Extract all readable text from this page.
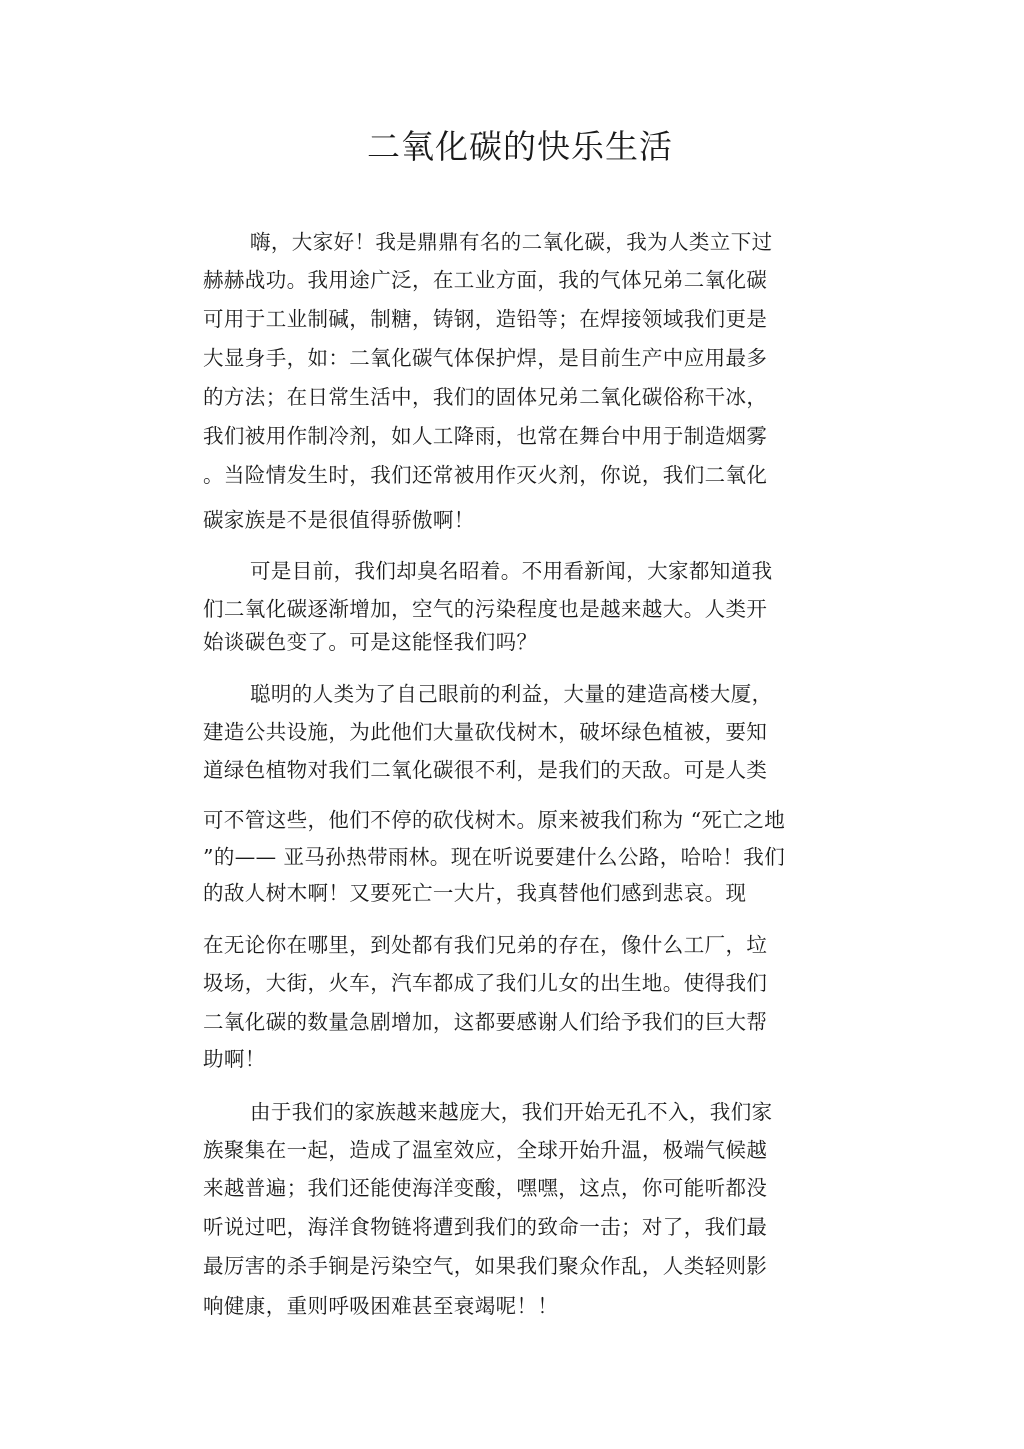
二氧化碳的快乐生活

嗨，大家好！我是鼎鼎有名的二氧化碳，我为人类立下过

赫赫战功。我用途广泛，在工业方面，我的气体兄弟二氧化碳

可用于工业制碱，制糖，铸钢，造铅等；在焊接领域我们更是

大显身手，如：二氧化碳气体保护焊，是目前生产中应用最多

的方法；在日常生活中，我们的固体兄弟二氧化碳俗称干冰，

我们被用作制冷剂，如人工降雨，也常在舞台中用于制造烟雾

。当险情发生时，我们还常被用作灭火剂，你说，我们二氧化

碳家族是不是很值得骄傲啊！

可是目前，我们却臭名昭着。不用看新闻，大家都知道我

们二氧化碳逐渐增加，空气的污染程度也是越来越大。人类开

始谈碳色变了。可是这能怪我们吗？

聪明的人类为了自己眼前的利益，大量的建造高楼大厦，

建造公共设施，为此他们大量砍伐树木，破坏绿色植被，要知

道绿色植物对我们二氧化碳很不利，是我们的天敌。可是人类

可不管这些，他们不停的砍伐树木。原来被我们称为 “死亡之地

”的—— 亚马孙热带雨林。现在听说要建什么公路，哈哈！我们

的敌人树木啊！又要死亡一大片，我真替他们感到悲哀。现

在无论你在哪里，到处都有我们兄弟的存在，像什么工厂，垃

圾场，大街，火车，汽车都成了我们儿女的出生地。使得我们

二氧化碳的数量急剧增加，这都要感谢人们给予我们的巨大帮

助啊！

由于我们的家族越来越庞大，我们开始无孔不入，我们家

族聚集在一起，造成了温室效应，全球开始升温，极端气候越

来越普遍；我们还能使海洋变酸，嘿嘿，这点，你可能听都没

听说过吧，海洋食物链将遭到我们的致命一击；对了，我们最

最厉害的杀手锏是污染空气，如果我们聚众作乱，人类轻则影

响健康，重则呼吸困难甚至衰竭呢！！
